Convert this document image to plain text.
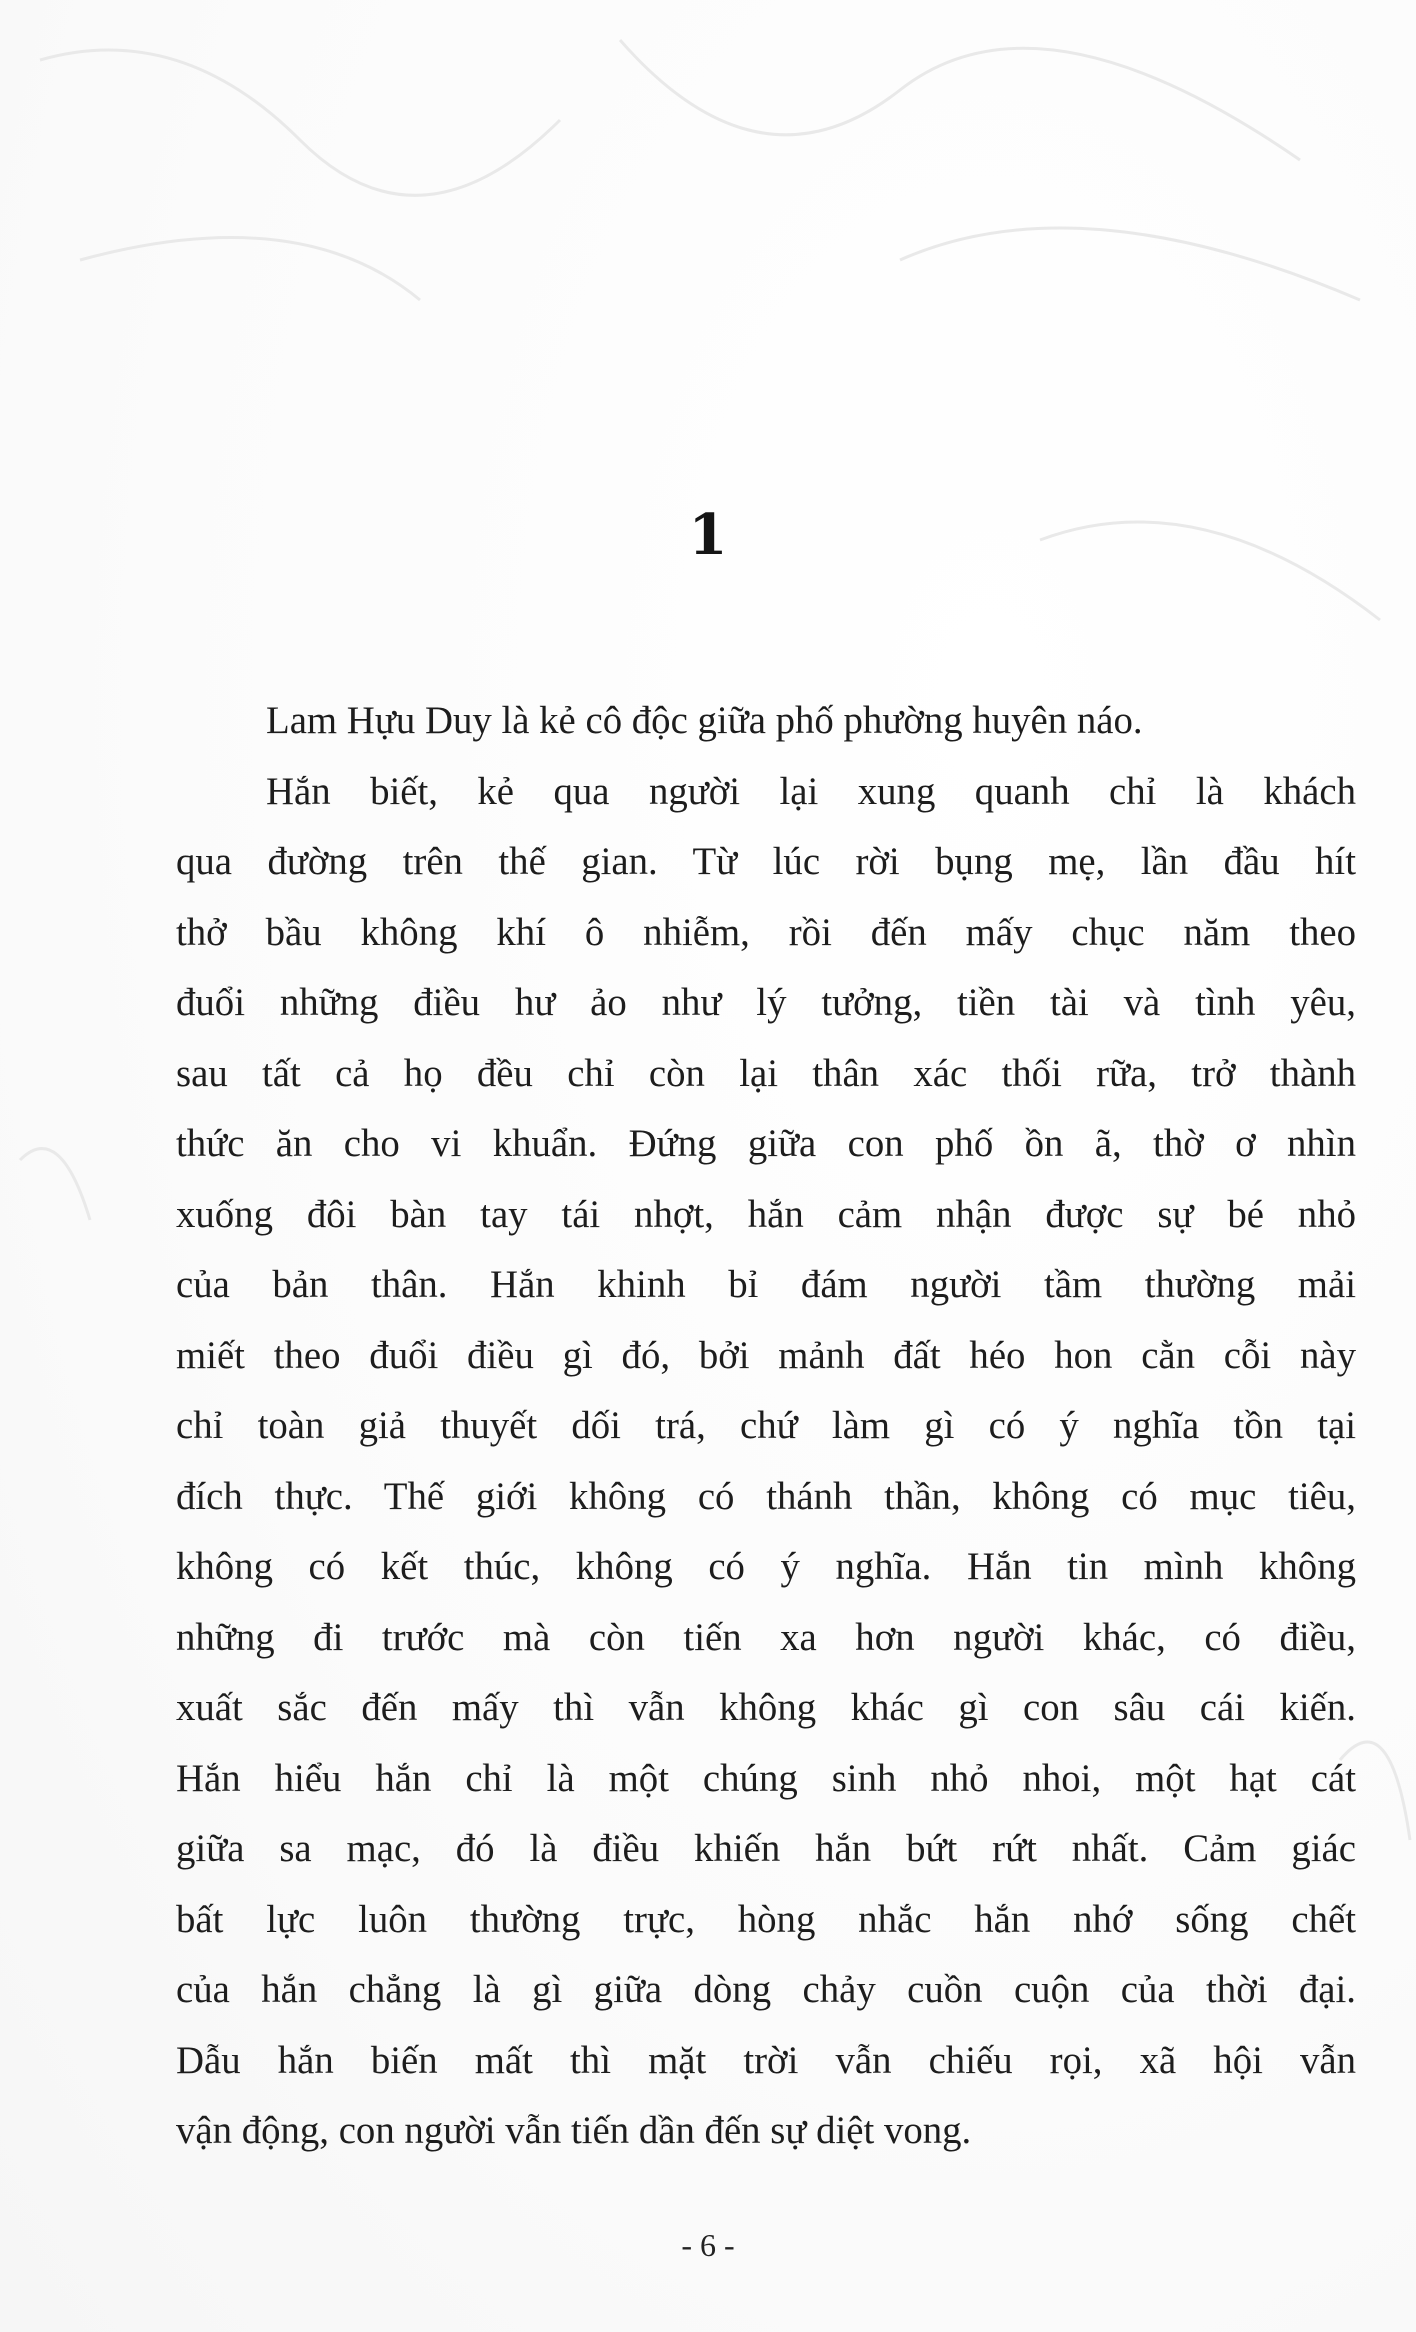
1
Lam Hựu Duy là kẻ cô độc giữa phố phường huyên náo.
Hắn biết, kẻ qua người lại xung quanh chỉ là khách
qua đường trên thế gian. Từ lúc rời bụng mẹ, lần đầu hít
thở bầu không khí ô nhiễm, rồi đến mấy chục năm theo
đuổi những điều hư ảo như lý tưởng, tiền tài và tình yêu,
sau tất cả họ đều chỉ còn lại thân xác thối rữa, trở thành
thức ăn cho vi khuẩn. Đứng giữa con phố ồn ã, thờ ơ nhìn
xuống đôi bàn tay tái nhợt, hắn cảm nhận được sự bé nhỏ
của bản thân. Hắn khinh bỉ đám người tầm thường mải
miết theo đuổi điều gì đó, bởi mảnh đất héo hon cằn cỗi này
chỉ toàn giả thuyết dối trá, chứ làm gì có ý nghĩa tồn tại
đích thực. Thế giới không có thánh thần, không có mục tiêu,
không có kết thúc, không có ý nghĩa. Hắn tin mình không
những đi trước mà còn tiến xa hơn người khác, có điều,
xuất sắc đến mấy thì vẫn không khác gì con sâu cái kiến.
Hắn hiểu hắn chỉ là một chúng sinh nhỏ nhoi, một hạt cát
giữa sa mạc, đó là điều khiến hắn bứt rứt nhất. Cảm giác
bất lực luôn thường trực, hòng nhắc hắn nhớ sống chết
của hắn chẳng là gì giữa dòng chảy cuồn cuộn của thời đại.
Dẫu hắn biến mất thì mặt trời vẫn chiếu rọi, xã hội vẫn
vận động, con người vẫn tiến dần đến sự diệt vong.
- 6 -
